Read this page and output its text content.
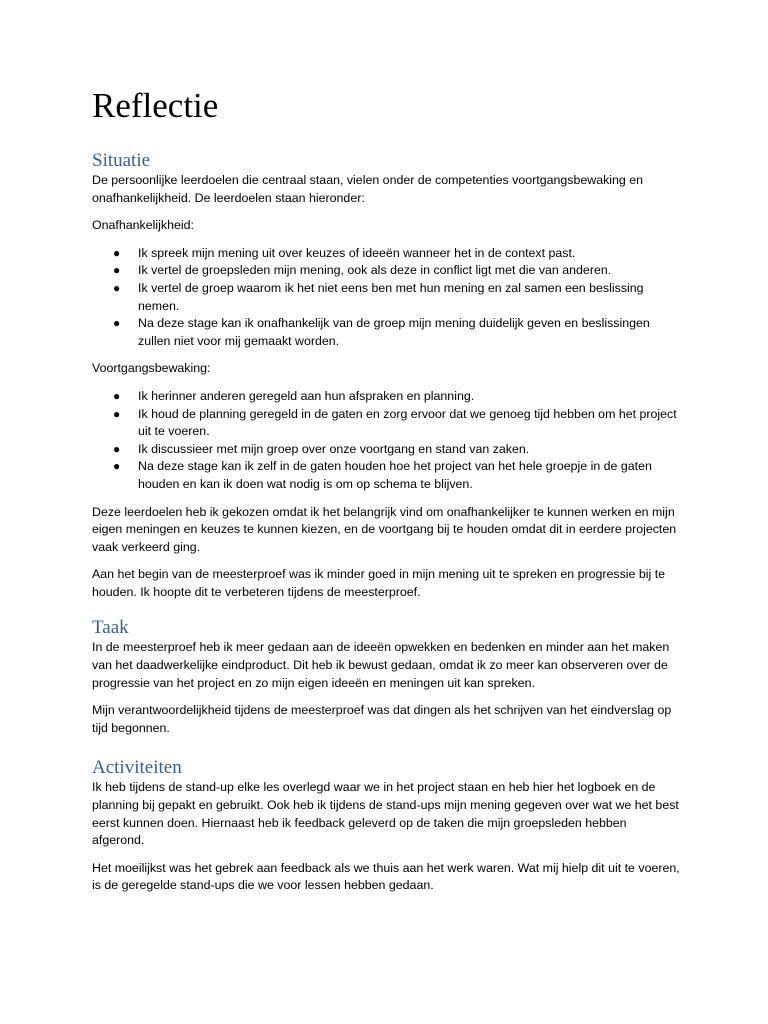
Reflectie
Situatie

De persoonlijke leerdoelen die centraal staan, vielen onder de competenties voortgangsbewaking en onafhankelijkheid. De leerdoelen staan hieronder:

Onafhankelijkheid:

● Ik spreek mijn mening uit over keuzes of ideeën wanneer het in de context past.
● Ik vertel de groepsleden mijn mening, ook als deze in conflict ligt met die van anderen.
● Ik vertel de groep waarom ik het niet eens ben met hun mening en zal samen een beslissing nemen.
● Na deze stage kan ik onafhankelijk van de groep mijn mening duidelijk geven en beslissingen zullen niet voor mij gemaakt worden.

Voortgangsbewaking:

● Ik herinner anderen geregeld aan hun afspraken en planning.
● Ik houd de planning geregeld in de gaten en zorg ervoor dat we genoeg tijd hebben om het project uit te voeren.
● Ik discussieer met mijn groep over onze voortgang en stand van zaken.
● Na deze stage kan ik zelf in de gaten houden hoe het project van het hele groepje in de gaten houden en kan ik doen wat nodig is om op schema te blijven.

Deze leerdoelen heb ik gekozen omdat ik het belangrijk vind om onafhankelijker te kunnen werken en mijn eigen meningen en keuzes te kunnen kiezen, en de voortgang bij te houden omdat dit in eerdere projecten vaak verkeerd ging.

Aan het begin van de meesterproef was ik minder goed in mijn mening uit te spreken en progressie bij te houden. Ik hoopte dit te verbeteren tijdens de meesterproef.

Taak

In de meesterproef heb ik meer gedaan aan de ideeën opwekken en bedenken en minder aan het maken van het daadwerkelijke eindproduct. Dit heb ik bewust gedaan, omdat ik zo meer kan observeren over de progressie van het project en zo mijn eigen ideeën en meningen uit kan spreken.

Mijn verantwoordelijkheid tijdens de meesterproef was dat dingen als het schrijven van het eindverslag op tijd begonnen.

Activiteiten

Ik heb tijdens de stand-up elke les overlegd waar we in het project staan en heb hier het logboek en de planning bij gepakt en gebruikt. Ook heb ik tijdens de stand-ups mijn mening gegeven over wat we het best eerst kunnen doen. Hiernaast heb ik feedback geleverd op de taken die mijn groepsleden hebben afgerond.

Het moeilijkst was het gebrek aan feedback als we thuis aan het werk waren. Wat mij hielp dit uit te voeren, is de geregelde stand-ups die we voor lessen hebben gedaan.
